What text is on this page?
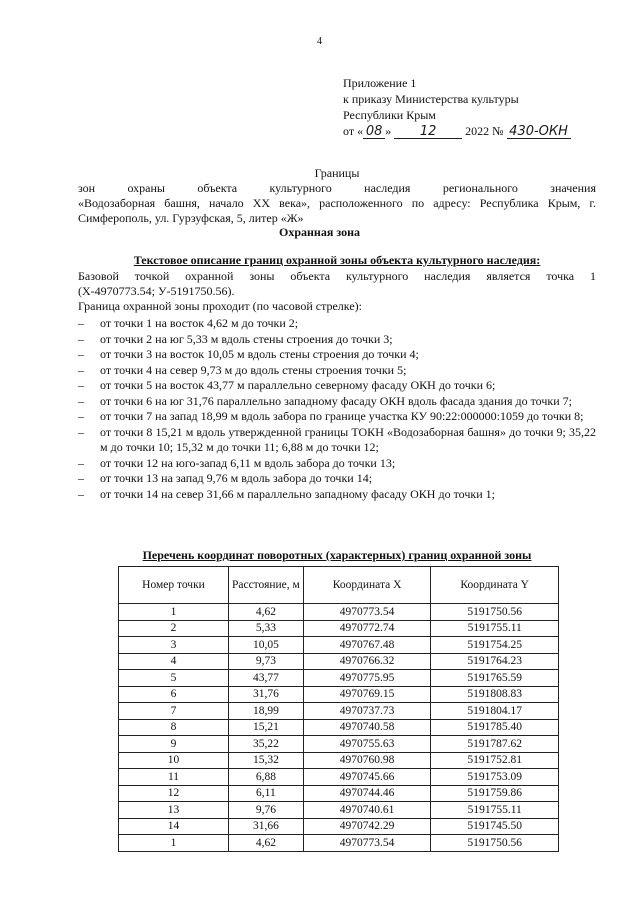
4
Приложение 1
к приказу Министерства культуры
Республики Крым
от « 08 » 12 2022 № 430-ОКН
Границы
зон охраны объекта культурного наследия регионального значения
«Водозаборная башня, начало XX века», расположенного по адресу: Республика Крым, г.
Симферополь, ул. Гурзуфская, 5, литер «Ж»
Охранная зона
Текстовое описание границ охранной зоны объекта культурного наследия:
Базовой точкой охранной зоны объекта культурного наследия является точка 1
(Х-4970773.54; У-5191750.56).
Граница охранной зоны проходит (по часовой стрелке):
– от точки 1 на восток 4,62 м до точки 2;
– от точки 2 на юг 5,33 м вдоль стены строения до точки 3;
– от точки 3 на восток 10,05 м вдоль стены строения до точки 4;
– от точки 4 на север 9,73 м до вдоль стены строения точки 5;
– от точки 5 на восток 43,77 м параллельно северному фасаду ОКН до точки 6;
– от точки 6 на юг 31,76 параллельно западному фасаду ОКН вдоль фасада здания до точки 7;
– от точки 7 на запад 18,99 м вдоль забора по границе участка КУ 90:22:000000:1059 до точки 8;
– от точки 8 15,21 м вдоль утвержденной границы ТОКН «Водозаборная башня» до точки 9; 35,22 м до точки 10; 15,32 м до точки 11; 6,88 м до точки 12;
– от точки 12 на юго-запад 6,11 м вдоль забора до точки 13;
– от точки 13 на запад 9,76 м вдоль забора до точки 14;
– от точки 14 на север 31,66 м параллельно западному фасаду ОКН до точки 1;
Перечень координат поворотных (характерных) границ охранной зоны
Номер точки	Расстояние, м	Координата X	Координата Y
1	4,62	4970773.54	5191750.56
2	5,33	4970772.74	5191755.11
3	10,05	4970767.48	5191754.25
4	9,73	4970766.32	5191764.23
5	43,77	4970775.95	5191765.59
6	31,76	4970769.15	5191808.83
7	18,99	4970737.73	5191804.17
8	15,21	4970740.58	5191785.40
9	35,22	4970755.63	5191787.62
10	15,32	4970760.98	5191752.81
11	6,88	4970745.66	5191753.09
12	6,11	4970744.46	5191759.86
13	9,76	4970740.61	5191755.11
14	31,66	4970742.29	5191745.50
1	4,62	4970773.54	5191750.56
